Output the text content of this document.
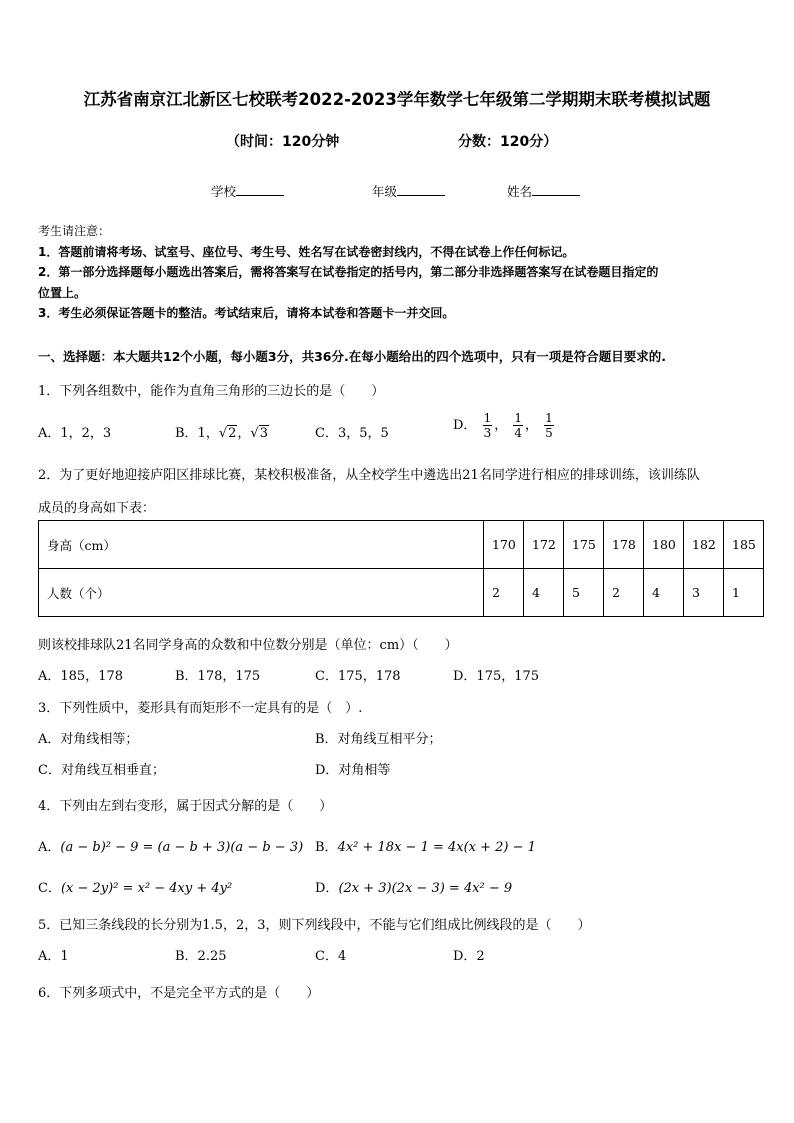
江苏省南京江北新区七校联考2022-2023学年数学七年级第二学期期末联考模拟试题
（时间：120分钟	分数：120分）
学校	年级	姓名
考生请注意：
1．答题前请将考场、试室号、座位号、考生号、姓名写在试卷密封线内，不得在试卷上作任何标记。
2．第一部分选择题每小题选出答案后，需将答案写在试卷指定的括号内，第二部分非选择题答案写在试卷题目指定的
位置上。
3．考生必须保证答题卡的整洁。考试结束后，请将本试卷和答题卡一并交回。
一、选择题：本大题共12个小题，每小题3分，共36分.在每小题给出的四个选项中，只有一项是符合题目要求的.
1．下列各组数中，能作为直角三角形的三边长的是（　　）
A．1，2，3	B．1，√2，√3	C．3，5，5
D． $\frac{1}{3}$ ， $\frac{1}{4}$ ， $\frac{1}{5}$
2．为了更好地迎接庐阳区排球比赛，某校积极准备，从全校学生中遴选出21名同学进行相应的排球训练，该训练队
成员的身高如下表：
身高（cm）	170	172	175	178	180	182	185
人数（个）	2	4	5	2	4	3	1
则该校排球队21名同学身高的众数和中位数分别是（单位：cm）（　　）
A．185，178	B．178，175	C．175，178	D．175，175
3．下列性质中，菱形具有而矩形不一定具有的是（　）.
A．对角线相等；	B．对角线互相平分；
C．对角线互相垂直；	D．对角相等
4．下列由左到右变形，属于因式分解的是（　　）
A．(a − b)² − 9 = (a − b + 3)(a − b − 3) B．4x² + 18x − 1 = 4x(x + 2) − 1
C．(x − 2y)² = x² − 4xy + 4y²	D．(2x + 3)(2x − 3) = 4x² − 9
5．已知三条线段的长分别为1.5，2，3，则下列线段中，不能与它们组成比例线段的是（　　）
A．1	B．2.25	C．4	D．2
6．下列多项式中，不是完全平方式的是（　　）
